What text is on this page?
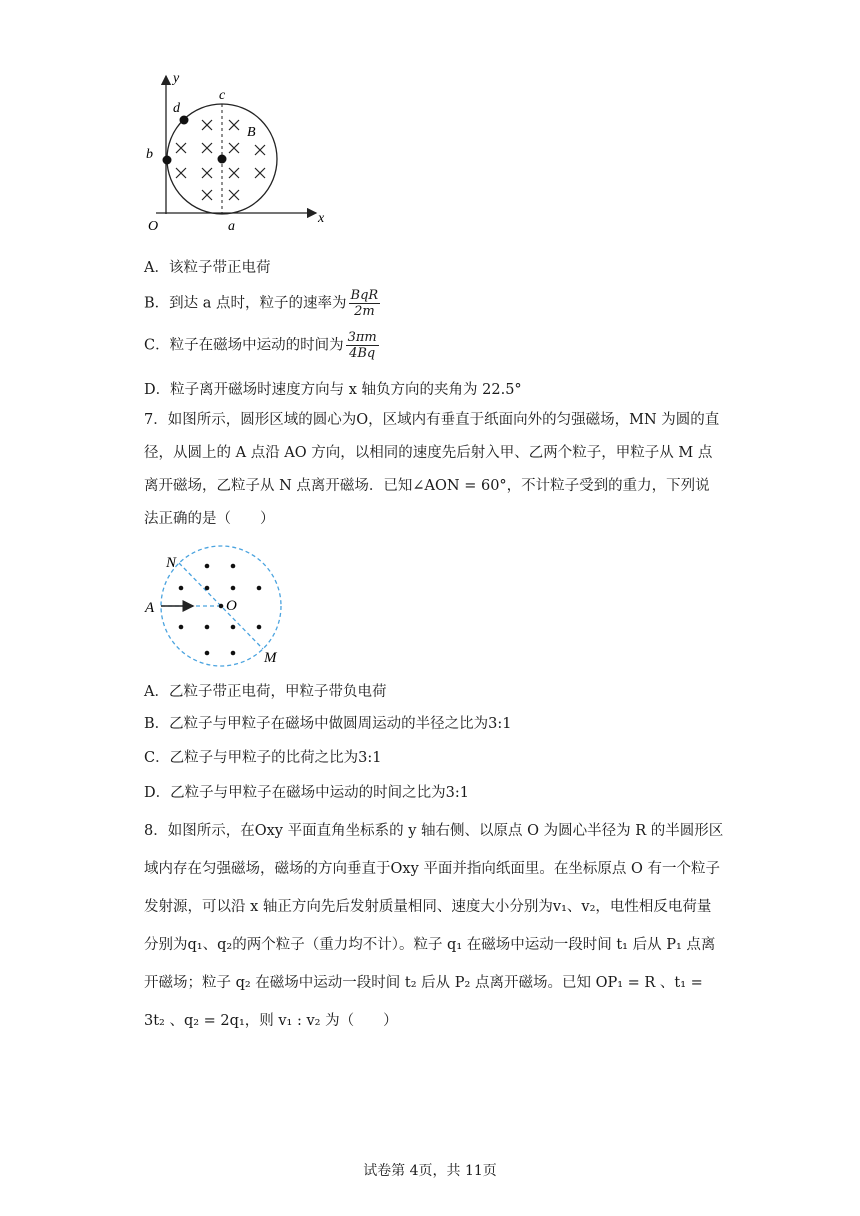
y
c
d
B
b
O	a
x
A．该粒子带正电荷
B．到达 a 点时，粒子的速率为 $\frac{\text{BqR}}{2m}$
C．粒子在磁场中运动的时间为 $\frac{3\pi m}{4Bq}$
D．粒子离开磁场时速度方向与 x 轴负方向的夹角为 22.5°
7．如图所示，圆形区域的圆心为O，区域内有垂直于纸面向外的匀强磁场，MN 为圆的直径，从圆上的 A 点沿 AO 方向，以相同的速度先后射入甲、乙两个粒子，甲粒子从 M 点离开磁场，乙粒子从 N 点离开磁场．已知∠AON = 60°，不计粒子受到的重力，下列说法正确的是（　　）
N
A	O
M
A．乙粒子带正电荷，甲粒子带负电荷
B．乙粒子与甲粒子在磁场中做圆周运动的半径之比为3:1
C．乙粒子与甲粒子的比荷之比为3:1
D．乙粒子与甲粒子在磁场中运动的时间之比为3:1
8．如图所示，在Oxy 平面直角坐标系的 y 轴右侧、以原点 O 为圆心半径为 R 的半圆形区域内存在匀强磁场，磁场的方向垂直于Oxy 平面并指向纸面里。在坐标原点 O 有一个粒子发射源，可以沿 x 轴正方向先后发射质量相同、速度大小分别为v₁、v₂，电性相反电荷量分别为q₁、q₂的两个粒子（重力均不计）。粒子 q₁ 在磁场中运动一段时间 t₁ 后从 P₁ 点离开磁场；粒子 q₂ 在磁场中运动一段时间 t₂ 后从 P₂ 点离开磁场。已知 OP₁ = R 、t₁ = 3t₂ 、q₂ = 2q₁，则 v₁ : v₂ 为（　　）
试卷第 4页，共 11页
